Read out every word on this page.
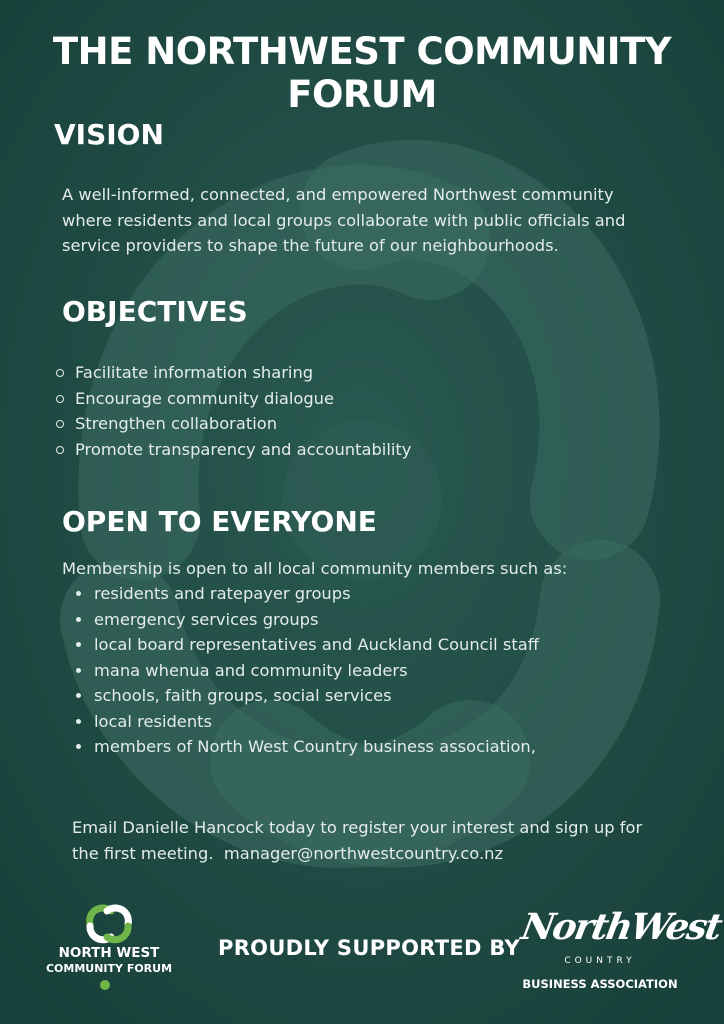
THE NORTHWEST COMMUNITY FORUM
VISION

A well-informed, connected, and empowered Northwest community
where residents and local groups collaborate with public officials and
service providers to shape the future of our neighbourhoods.

OBJECTIVES
Facilitate information sharing
Encourage community dialogue
Strengthen collaboration
Promote transparency and accountability
OPEN TO EVERYONE

Membership is open to all local community members such as:

residents and ratepayer groups
emergency services groups
local board representatives and Auckland Council staff
mana whenua and community leaders
schools, faith groups, social services
local residents
members of North West Country business association,

Email Danielle Hancock today to register your interest and sign up for
the first meeting. manager@northwestcountry.co.nz

NORTH WEST

COMMUNITY FORUM

PROUDLY SUPPORTED BY

NorthWest

COUNTRY

BUSINESS ASSOCIATION
